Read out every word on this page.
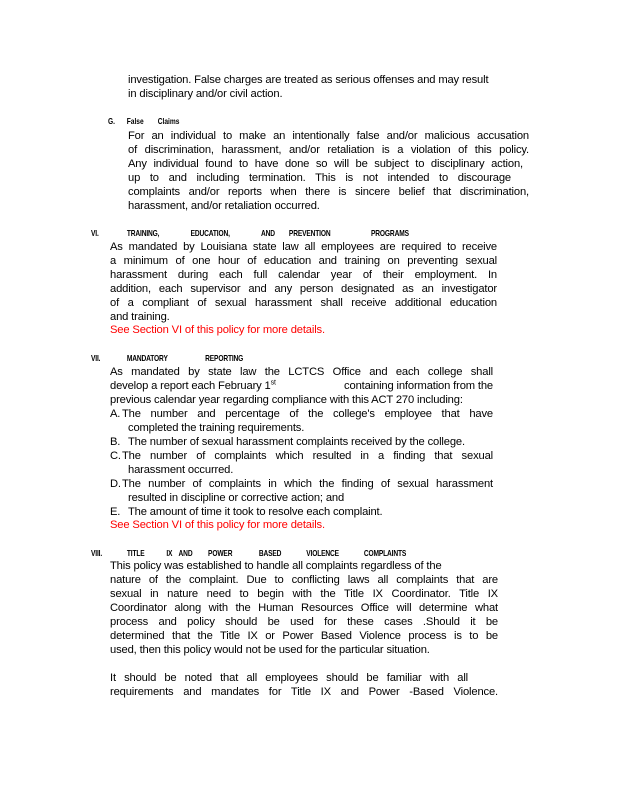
investigation. False charges are treated as serious offenses and may result
in disciplinary and/or civil action.
G. False Claims
For an individual to make an intentionally false and/or malicious accusation
of discrimination, harassment, and/or retaliation is a violation of this policy.
Any individual found to have done so will be subject to disciplinary action,
up to and including termination. This is not intended to discourage
complaints and/or reports when there is sincere belief that discrimination,
harassment, and/or retaliation occurred.
VI.	TRAINING,	EDUCATION,	AND PREVENTION	PROGRAMS
As mandated by Louisiana state law all employees are required to receive
a minimum of one hour of education and training on preventing sexual
harassment during each full calendar year of their employment. In
addition, each supervisor and any person designated as an investigator
of a compliant of sexual harassment shall receive additional education
and training.
See Section VI of this policy for more details.
VII.	MANDATORY	REPORTING
As mandated by state law the LCTCS Office and each college shall
develop a report each February 1st	containing information from the
previous calendar year regarding compliance with this ACT 270 including:
A. The number and percentage of the college's employee that have
completed the training requirements.
B. The number of sexual harassment complaints received by the college.
C. The number of complaints which resulted in a finding that sexual
harassment occurred.
D. The number of complaints in which the finding of sexual harassment
resulted in discipline or corrective action; and
E. The amount of time it took to resolve each complaint.
See Section VI of this policy for more details.
VIII.	TITLE	IX AND POWER	BASED	VIOLENCE	COMPLAINTS
This policy was established to handle all complaints regardless of the
nature of the complaint. Due to conflicting laws all complaints that are
sexual in nature need to begin with the Title IX Coordinator. Title IX
Coordinator along with the Human Resources Office will determine what
process and policy should be used for these cases .Should it be
determined that the Title IX or Power Based Violence process is to be
used, then this policy would not be used for the particular situation.
It should be noted that all employees should be familiar with all
requirements and mandates for Title IX and Power -Based Violence.
